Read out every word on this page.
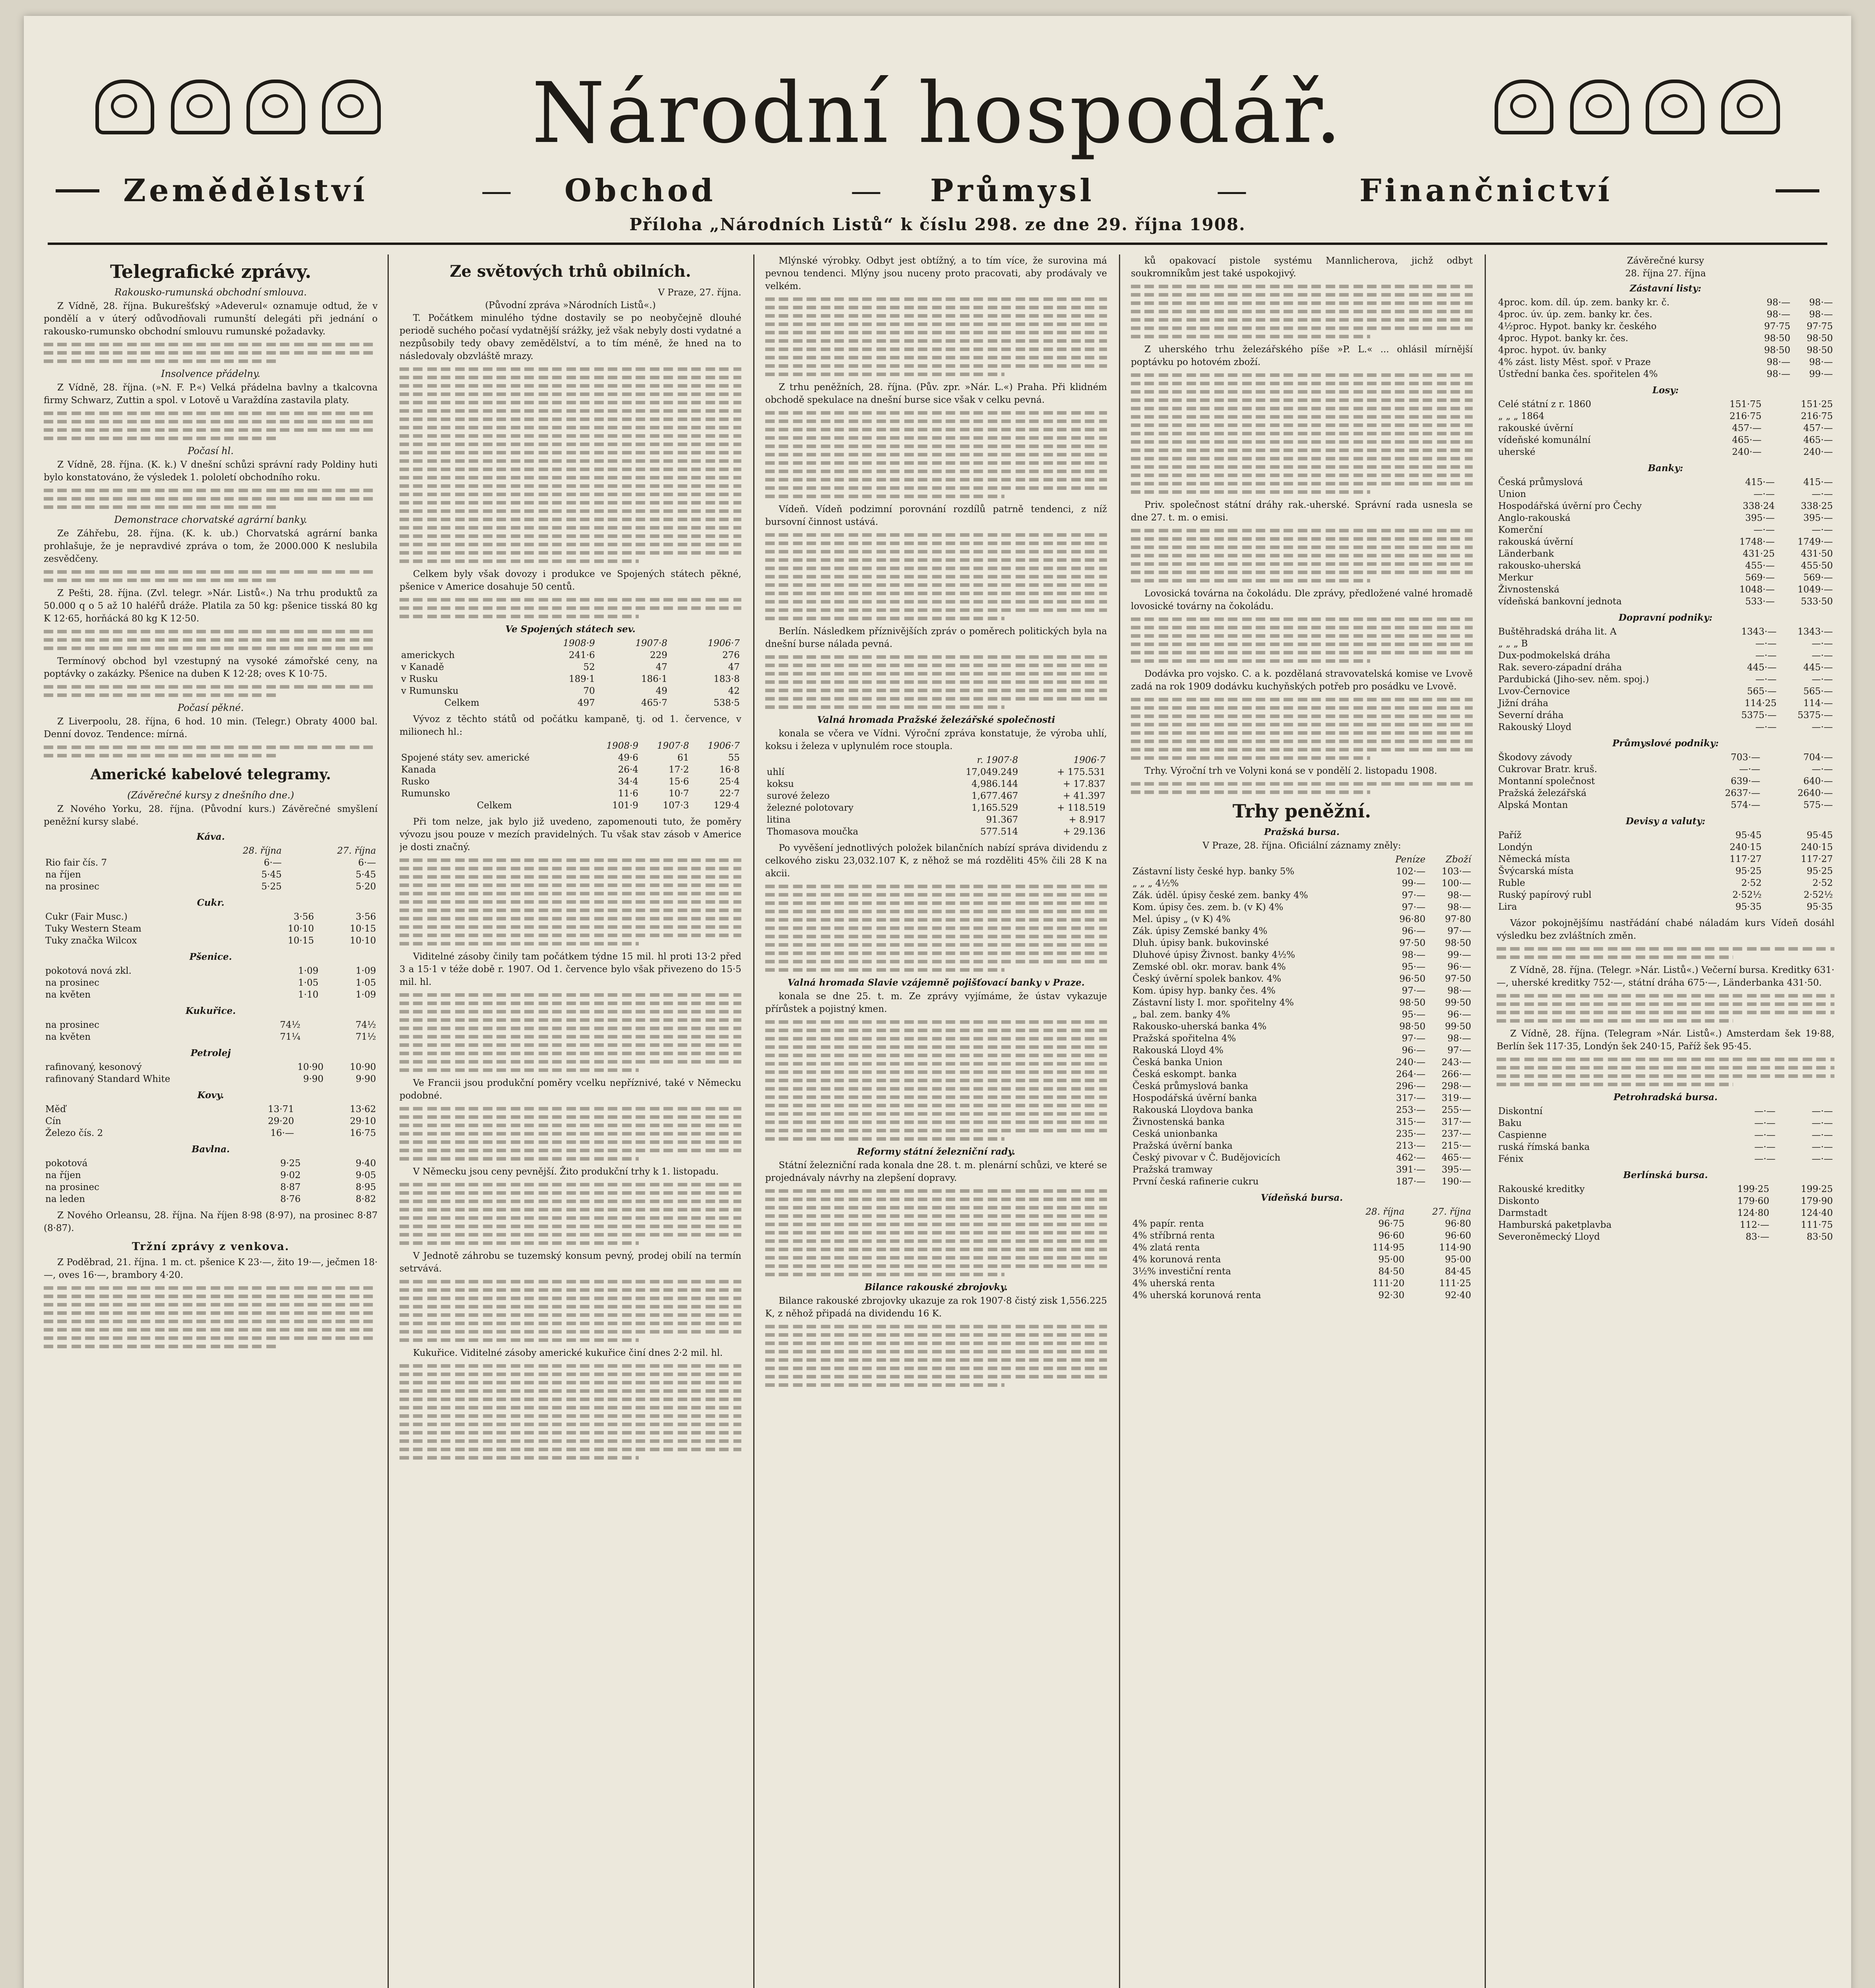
Národní hospodář.
Zemědělství	— Obchod	— Průmysl	—	Finančnictví
Příloha „Národních Listů“ k číslu 298. ze dne 29. října 1908.
Telegrafické zprávy.
Rakousko-rumunská obchodní smlouva.

Z Vídně, 28. října. Bukurešťský »Adeverul« oznamuje odtud, že v pondělí a v úterý odůvodňovali rumunští delegáti při jednání o rakousko-rumunsko obchodní smlouvu rumunské požadavky.

Insolvence přádelny.

Z Vídně, 28. října. (»N. F. P.«) Velká přádelna bavlny a tkalcovna firmy Schwarz, Zuttin a spol. v Lotově u Varaždína zastavila platy.

Počasí hl.

Z Vídně, 28. října. (K. k.) V dnešní schůzi správní rady Poldiny huti bylo konstatováno, že výsledek 1. pololetí obchodního roku.

Demonstrace chorvatské agrární banky.

Ze Záhřebu, 28. října. (K. k. ub.) Chorvatská agrární banka prohlašuje, že je nepravdivé zpráva o tom, že 2000.000 K neslubila zesvědčeny.

Z Pešti, 28. října. (Zvl. telegr. »Nár. Listů«.) Na trhu produktů za 50.000 q o 5 až 10 haléřů dráže. Platila za 50 kg: pšenice tisská 80 kg K 12·65, horňácká 80 kg K 12·50.

Termínový obchod byl vzestupný na vysoké zámořské ceny, na poptávky o zakázky. Pšenice na duben K 12·28; oves K 10·75.

Počasí pěkné.

Z Liverpoolu, 28. října, 6 hod. 10 min. (Telegr.) Obraty 4000 bal. Denní dovoz. Tendence: mírná.

Americké kabelové telegramy.
(Závěrečné kursy z dnešního dne.)

Z Nového Yorku, 28. října. (Původní kurs.) Závěrečné smyšlení peněžní kursy slabé.

Káva.
	28. října	27. října
Rio fair čís. 7	6·—	6·—
na říjen	5·45	5·45
na prosinec	5·25	5·20
Cukr.
Cukr (Fair Musc.)	3·56	3·56
Tuky Western Steam	10·10	10·15
Tuky značka Wilcox	10·15	10·10
Pšenice.
pokotová nová zkl.	1·09	1·09
na prosinec	1·05	1·05
na květen	1·10	1·09
Kukuřice.
na prosinec	74½	74½
na květen	71¼	71½
Petrolej
rafinovaný, kesonový	10·90	10·90
rafinovaný Standard White	9·90	9·90
Kovy.
Měď	13·71	13·62
Cín	29·20	29·10
Železo čís. 2	16·—	16·75
Bavlna.
pokotová	9·25	9·40
na říjen	9·02	9·05
na prosinec	8·87	8·95
na leden	8·76	8·82

Z Nového Orleansu, 28. října. Na říjen 8·98 (8·97), na prosinec 8·87 (8·87).

Tržní zprávy z venkova.

Z Poděbrad, 21. října. 1 m. ct. pšenice K 23·—, žito 19·—, ječmen 18·—, oves 16·—, brambory 4·20.

Ze světových trhů obilních.
V Praze, 27. října.
(Původní zpráva »Národních Listů«.)

T. Počátkem minulého týdne dostavily se po neobyčejně dlouhé periodě suchého počasí vydatnější srážky, jež však nebyly dosti vydatné a nezpůsobily tedy obavy zemědělství, a to tím méně, že hned na to následovaly obzvláště mrazy.

Celkem byly však dovozy i produkce ve Spojených státech pěkné, pšenice v Americe dosahuje 50 centů.

Ve Spojených státech sev.
	1908·9	1907·8	1906·7
americkych	241·6	229	276
v Kanadě	52	47	47
v Rusku	189·1	186·1	183·8
v Rumunsku	70	49	42
Celkem	497	465·7	538·5

Vývoz z těchto států od počátku kampaně, tj. od 1. července, v milionech hl.:

	1908·9	1907·8	1906·7
Spojené státy sev. americké	49·6	61	55
Kanada	26·4	17·2	16·8
Rusko	34·4	15·6	25·4
Rumunsko	11·6	10·7	22·7
Celkem	101·9	107·3	129·4

Při tom nelze, jak bylo již uvedeno, zapomenouti tuto, že poměry vývozu jsou pouze v mezích pravidelných. Tu však stav zásob v Americe je dosti značný.

Viditelné zásoby činily tam počátkem týdne 15 mil. hl proti 13·2 před 3 a 15·1 v téže době r. 1907. Od 1. července bylo však přivezeno do 15·5 mil. hl.

Ve Francii jsou produkční poměry vcelku nepříznivé, také v Německu podobné.

V Německu jsou ceny pevnější. Žito produkční trhy k 1. listopadu.

V Jednotě záhrobu se tuzemský konsum pevný, prodej obilí na termín setrvává.

Kukuřice. Viditelné zásoby americké kukuřice činí dnes 2·2 mil. hl.

Mlýnské výrobky. Odbyt jest obtížný, a to tím více, že surovina má pevnou tendenci. Mlýny jsou nuceny proto pracovati, aby prodávaly ve velkém.

Z trhu peněžních, 28. října. (Pův. zpr. »Nár. L.«) Praha. Při klidném obchodě spekulace na dnešní burse sice však v celku pevná.

Vídeň. Vídeň podzimní porovnání rozdílů patrně tendenci, z níž bursovní činnost ustává.

Berlín. Následkem příznivějších zpráv o poměrech politických byla na dnešní burse nálada pevná.

Valná hromada Pražské železářské společnosti

konala se včera ve Vídni. Výroční zpráva konstatuje, že výroba uhlí, koksu i železa v uplynulém roce stoupla.

	r. 1907·8	1906·7
uhlí	17,049.249	+ 175.531
koksu	4,986.144	+ 17.837
surové železo	1,677.467	+ 41.397
železné polotovary	1,165.529	+ 118.519
litina	91.367	+ 8.917
Thomasova moučka	577.514	+ 29.136

Po vyvěšení jednotlivých položek bilančních nabízí správa dividendu z celkového zisku 23,032.107 K, z něhož se má rozděliti 45% čili 28 K na akcii.

Valná hromada Slavie vzájemně pojišťovací banky v Praze.

konala se dne 25. t. m. Ze zprávy vyjímáme, že ústav vykazuje přírůstek a pojistný kmen.

Reformy státní železniční rady.

Státní železniční rada konala dne 28. t. m. plenární schůzi, ve které se projednávaly návrhy na zlepšení dopravy.

Bilance rakouské zbrojovky.

Bilance rakouské zbrojovky ukazuje za rok 1907·8 čistý zisk 1,556.225 K, z něhož připadá na dividendu 16 K.

ků opakovací pistole systému Mannlicherova, jichž odbyt soukromníkům jest také uspokojivý.

Z uherského trhu železářského píše »P. L.« ... ohlásil mírnější poptávku po hotovém zboží.

Priv. společnost státní dráhy rak.-uherské. Správní rada usnesla se dne 27. t. m. o emisi.

Lovosická továrna na čokoládu. Dle zprávy, předložené valné hromadě lovosické továrny na čokoládu.

Dodávka pro vojsko. C. a k. pozdělaná stravovatelská komise ve Lvově zadá na rok 1909 dodávku kuchyňských potřeb pro posádku ve Lvově.

Trhy. Výroční trh ve Volyni koná se v pondělí 2. listopadu 1908.

Trhy peněžní.
Pražská bursa.
V Praze, 28. října. Oficiální záznamy zněly:
	Peníze	Zboží
Zástavní listy české hyp. banky 5%	102·—	103·—
„ „ „ 4½%	99·—	100·—
Zák. úděl. úpisy české zem. banky 4%	97·—	98·—
Kom. úpisy čes. zem. b. (v K) 4%	97·—	98·—
Mel. úpisy „ (v K) 4%	96·80	97·80
Zák. úpisy Zemské banky 4%	96·—	97·—
Dluh. úpisy bank. bukovinské	97·50	98·50
Dluhové úpisy Živnost. banky 4½%	98·—	99·—
Zemské obl. okr. morav. bank 4%	95·—	96·—
Český úvěrní spolek bankov. 4%	96·50	97·50
Kom. úpisy hyp. banky čes. 4%	97·—	98·—
Zástavní listy I. mor. spořitelny 4%	98·50	99·50
„ bal. zem. banky 4%	95·—	96·—
Rakousko-uherská banka 4%	98·50	99·50
Pražská spořitelna 4%	97·—	98·—
Rakouská Lloyd 4%	96·—	97·—
Česká banka Union	240·—	243·—
Česká eskompt. banka	264·—	266·—
Česká průmyslová banka	296·—	298·—
Hospodářská úvěrní banka	317·—	319·—
Rakouská Lloydova banka	253·—	255·—
Živnostenská banka	315·—	317·—
Ceská unionbanka	235·—	237·—
Pražská úvěrní banka	213·—	215·—
Český pivovar v Č. Budějovicích	462·—	465·—
Pražská tramway	391·—	395·—
První česká rafinerie cukru	187·—	190·—
Vídeňská bursa.
	28. října	27. října
4% papír. renta	96·75	96·80
4% stříbrná renta	96·60	96·60
4% zlatá renta	114·95	114·90
4% korunová renta	95·00	95·00
3½% investiční renta	84·50	84·45
4% uherská renta	111·20	111·25
4% uherská korunová renta	92·30	92·40
Závěrečné kursy
28. října 27. října
Zástavní listy:
4proc. kom. díl. úp. zem. banky kr. č.	98·—	98·—
4proc. úv. úp. zem. banky kr. čes.	98·—	98·—
4½proc. Hypot. banky kr. českého	97·75	97·75
4proc. Hypot. banky kr. čes.	98·50	98·50
4proc. hypot. úv. banky	98·50	98·50
4% zást. listy Měst. spoř. v Praze	98·—	98·—
Ústřední banka čes. spořitelen 4%	98·—	99·—
Losy:
Celé státní z r. 1860	151·75	151·25
„ „ „ 1864	216·75	216·75
rakouské úvěrní	457·—	457·—
vídeňské komunální	465·—	465·—
uherské	240·—	240·—
Banky:
Česká průmyslová	415·—	415·—
Union	—·—	—·—
Hospodářská úvěrní pro Čechy	338·24	338·25
Anglo-rakouská	395·—	395·—
Komerční	—·—	—·—
rakouská úvěrní	1748·—	1749·—
Länderbank	431·25	431·50
rakousko-uherská	455·—	455·50
Merkur	569·—	569·—
Živnostenská	1048·—	1049·—
vídeňská bankovní jednota	533·—	533·50
Dopravní podniky:
Buštěhradská dráha lit. A	1343·—	1343·—
„ „ „ B	—·—	—·—
Dux-podmokelská dráha	—·—	—·—
Rak. severo-západní dráha	445·—	445·—
Pardubická (Jiho-sev. něm. spoj.)	—·—	—·—
Lvov-Černovice	565·—	565·—
Jižní dráha	114·25	114·—
Severní dráha	5375·—	5375·—
Rakouský Lloyd	—·—	—·—
Průmyslové podniky:
Škodovy závody	703·—	704·—
Cukrovar Bratr. kruš.	—·—	—·—
Montanní společnost	639·—	640·—
Pražská železářská	2637·—	2640·—
Alpská Montan	574·—	575·—
Devisy a valuty:
Paříž	95·45	95·45
Londýn	240·15	240·15
Německá místa	117·27	117·27
Švýcarská místa	95·25	95·25
Ruble	2·52	2·52
Ruský papírový rubl	2·52½	2·52½
Lira	95·35	95·35

Vázor pokojnějšímu nastřádání chabé náladám kurs Vídeň dosáhl výsledku bez zvláštních změn.

Z Vídně, 28. října. (Telegr. »Nár. Listů«.) Večerní bursa. Kreditky 631·—, uherské kreditky 752·—, státní dráha 675·—, Länderbanka 431·50.

Z Vídně, 28. října. (Telegram »Nár. Listů«.) Amsterdam šek 19·88, Berlín šek 117·35, Londýn šek 240·15, Paříž šek 95·45.

Petrohradská bursa.
Diskontní	—·—	—·—
Baku	—·—	—·—
Caspienne	—·—	—·—
ruská římská banka	—·—	—·—
Fénix	—·—	—·—
Berlínská bursa.
Rakouské kreditky	199·25	199·25
Diskonto	179·60	179·90
Darmstadt	124·80	124·40
Hamburská paketplavba	112·—	111·75
Severoněmecký Lloyd	83·—	83·50
